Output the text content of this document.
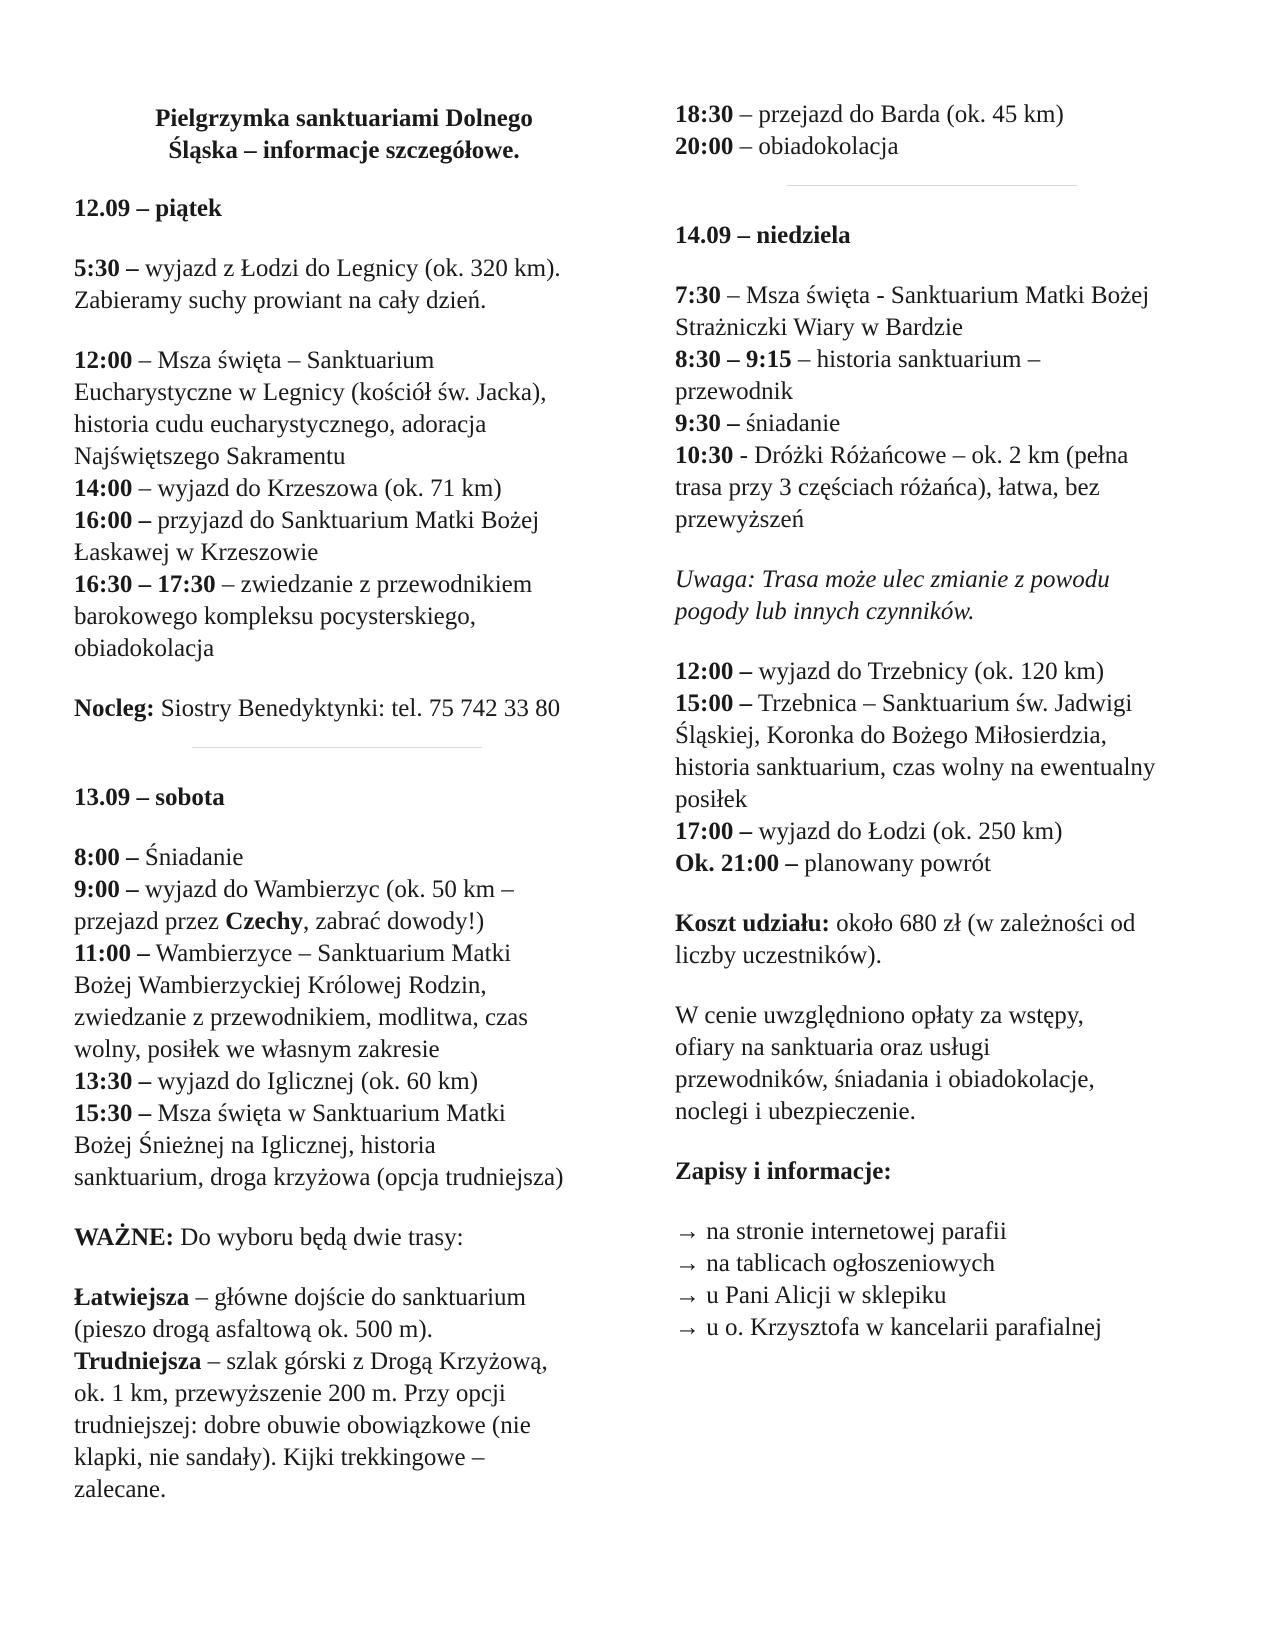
Pielgrzymka sanktuariami Dolnego
Śląska – informacje szczegółowe.
12.09 – piątek

5:30 – wyjazd z Łodzi do Legnicy (ok. 320 km). Zabieramy suchy prowiant na cały dzień.

12:00 – Msza święta – Sanktuarium Eucharystyczne w Legnicy (kościół św. Jacka), historia cudu eucharystycznego, adoracja Najświętszego Sakramentu
14:00 – wyjazd do Krzeszowa (ok. 71 km)
16:00 – przyjazd do Sanktuarium Matki Bożej Łaskawej w Krzeszowie
16:30 – 17:30 – zwiedzanie z przewodnikiem barokowego kompleksu pocysterskiego, obiadokolacja

Nocleg: Siostry Benedyktynki: tel. 75 742 33 80

13.09 – sobota

8:00 – Śniadanie
9:00 – wyjazd do Wambierzyc (ok. 50 km – przejazd przez Czechy, zabrać dowody!)
11:00 – Wambierzyce – Sanktuarium Matki Bożej Wambierzyckiej Królowej Rodzin, zwiedzanie z przewodnikiem, modlitwa, czas wolny, posiłek we własnym zakresie
13:30 – wyjazd do Iglicznej (ok. 60 km)
15:30 – Msza święta w Sanktuarium Matki Bożej Śnieżnej na Iglicznej, historia sanktuarium, droga krzyżowa (opcja trudniejsza)

WAŻNE: Do wyboru będą dwie trasy:

Łatwiejsza – główne dojście do sanktuarium (pieszo drogą asfaltową ok. 500 m).
Trudniejsza – szlak górski z Drogą Krzyżową, ok. 1 km, przewyższenie 200 m. Przy opcji trudniejszej: dobre obuwie obowiązkowe (nie klapki, nie sandały). Kijki trekkingowe – zalecane.

18:30 – przejazd do Barda (ok. 45 km)
20:00 – obiadokolacja

14.09 – niedziela

7:30 – Msza święta - Sanktuarium Matki Bożej Strażniczki Wiary w Bardzie
8:30 – 9:15 – historia sanktuarium – przewodnik
9:30 – śniadanie
10:30 - Dróżki Różańcowe – ok. 2 km (pełna trasa przy 3 częściach różańca), łatwa, bez przewyższeń

Uwaga: Trasa może ulec zmianie z powodu pogody lub innych czynników.

12:00 – wyjazd do Trzebnicy (ok. 120 km)
15:00 – Trzebnica – Sanktuarium św. Jadwigi Śląskiej, Koronka do Bożego Miłosierdzia, historia sanktuarium, czas wolny na ewentualny posiłek
17:00 – wyjazd do Łodzi (ok. 250 km)
Ok. 21:00 – planowany powrót

Koszt udziału: około 680 zł (w zależności od liczby uczestników).

W cenie uwzględniono opłaty za wstępy, ofiary na sanktuaria oraz usługi przewodników, śniadania i obiadokolacje, noclegi i ubezpieczenie.

Zapisy i informacje:

→ na stronie internetowej parafii
→ na tablicach ogłoszeniowych
→ u Pani Alicji w sklepiku
→ u o. Krzysztofa w kancelarii parafialnej
